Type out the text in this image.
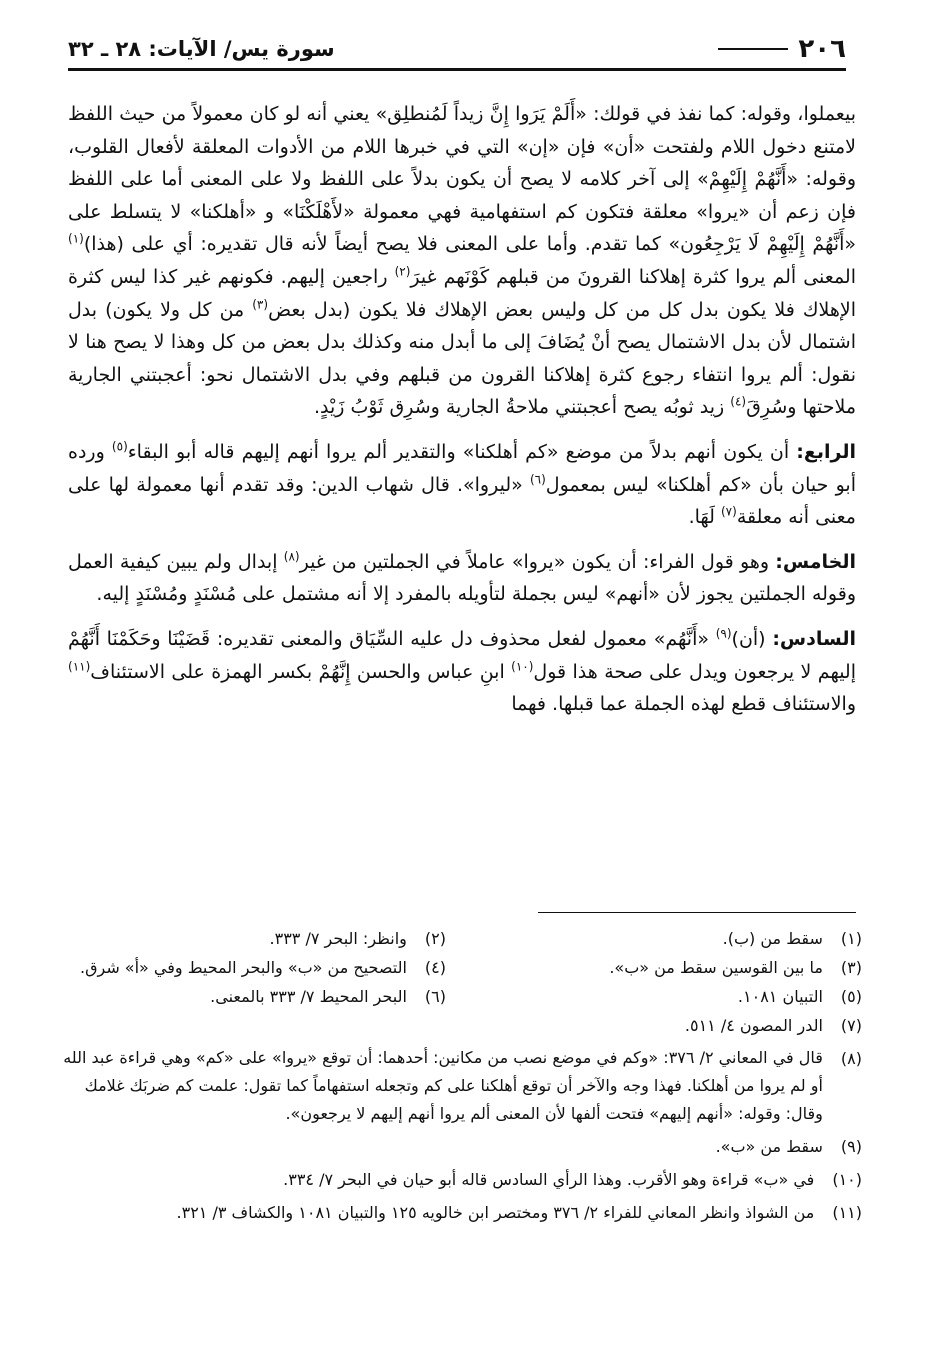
٢٠٦
سورة يس/ الآيات: ٢٨ ـ ٣٢

بيعملوا، وقوله: كما نفذ في قولك: «أَلَمْ يَرَوا إِنَّ زيداً لَمُنطلِق» يعني أنه لو كان معمولاً من حيث اللفظ لامتنع دخول اللام ولفتحت «أن» فإن «إن» التي في خبرها اللام من الأدوات المعلقة لأفعال القلوب، وقوله: «أَنَّهُمْ إِلَيْهِمْ» إلى آخر كلامه لا يصح أن يكون بدلاً على اللفظ ولا على المعنى أما على اللفظ فإن زعم أن «يروا» معلقة فتكون كم استفهامية فهي معمولة «لأَهْلَكْنَا» و «أهلكنا» لا يتسلط على «أَنَّهُمْ إِلَيْهِمْ لَا يَرْجِعُون» كما تقدم. وأما على المعنى فلا يصح أيضاً لأنه قال تقديره: أي على (هذا)$^{(١)}$ المعنى ألم يروا كثرة إهلاكنا القرونَ من قبلهم كَوْنَهم غيرَ$^{(٢)}$ راجعين إليهم. فكونهم غير كذا ليس كثرة الإهلاك فلا يكون بدل كل من كل وليس بعض الإهلاك فلا يكون (بدل بعض$^{(٣)}$ من كل ولا يكون) بدل اشتمال لأن بدل الاشتمال يصح أنْ يُضَافَ إلى ما أبدل منه وكذلك بدل بعض من كل وهذا لا يصح هنا لا نقول: ألم يروا انتفاء رجوع كثرة إهلاكنا القرون من قبلهم وفي بدل الاشتمال نحو: أعجبتني الجارية ملاحتها وسُرِقَ$^{(٤)}$ زيد ثوبُه يصح أعجبتني ملاحةُ الجارية وسُرِق ثَوْبُ زَيْدٍ.

الرابع: أن يكون أنهم بدلاً من موضع «كم أهلكنا» والتقدير ألم يروا أنهم إليهم قاله أبو البقاء$^{(٥)}$ ورده أبو حيان بأن «كم أهلكنا» ليس بمعمول$^{(٦)}$ «ليروا». قال شهاب الدين: وقد تقدم أنها معمولة لها على معنى أنه معلقة$^{(٧)}$ لَهَا.

الخامس: وهو قول الفراء: أن يكون «يروا» عاملاً في الجملتين من غير$^{(٨)}$ إبدال ولم يبين كيفية العمل وقوله الجملتين يجوز لأن «أنهم» ليس بجملة لتأويله بالمفرد إلا أنه مشتمل على مُسْنَدٍ ومُسْنَدٍ إليه.

السادس: (أن)$^{(٩)}$ «أَنَّهُم» معمول لفعل محذوف دل عليه السِّيَاق والمعنى تقديره: قَضَيْنَا وحَكَمْنَا أَنَّهُمْ إليهم لا يرجعون ويدل على صحة هذا قول$^{(١٠)}$ ابنِ عباس والحسن إِنَّهُمْ بكسر الهمزة على الاستئناف$^{(١١)}$ والاستئناف قطع لهذه الجملة عما قبلها. فهما

(١)
سقط من (ب).
(٢)
وانظر: البحر ٧/ ٣٣٣.
(٣)
ما بين القوسين سقط من «ب».
(٤)
التصحيح من «ب» والبحر المحيط وفي «أ» شرق.
(٥)
التبيان ١٠٨١.
(٦)
البحر المحيط ٧/ ٣٣٣ بالمعنى.
(٧)
الدر المصون ٤/ ٥١١.
(٨)
قال في المعاني ٢/ ٣٧٦: «وكم في موضع نصب من مكانين: أحدهما: أن توقع «يروا» على «كم» وهي قراءة عبد الله أو لم يروا من أهلكنا. فهذا وجه والآخر أن توقع أهلكنا على كم وتجعله استفهاماً كما تقول: علمت كم ضربَك غلامك وقال: وقوله: «أنهم إليهم» فتحت ألفها لأن المعنى ألم يروا أنهم إليهم لا يرجعون».
(٩)
سقط من «ب».
(١٠)
في «ب» قراءة وهو الأقرب. وهذا الرأي السادس قاله أبو حيان في البحر ٧/ ٣٣٤.
(١١)
من الشواذ وانظر المعاني للفراء ٢/ ٣٧٦ ومختصر ابن خالويه ١٢٥ والتبيان ١٠٨١ والكشاف ٣/ ٣٢١.
